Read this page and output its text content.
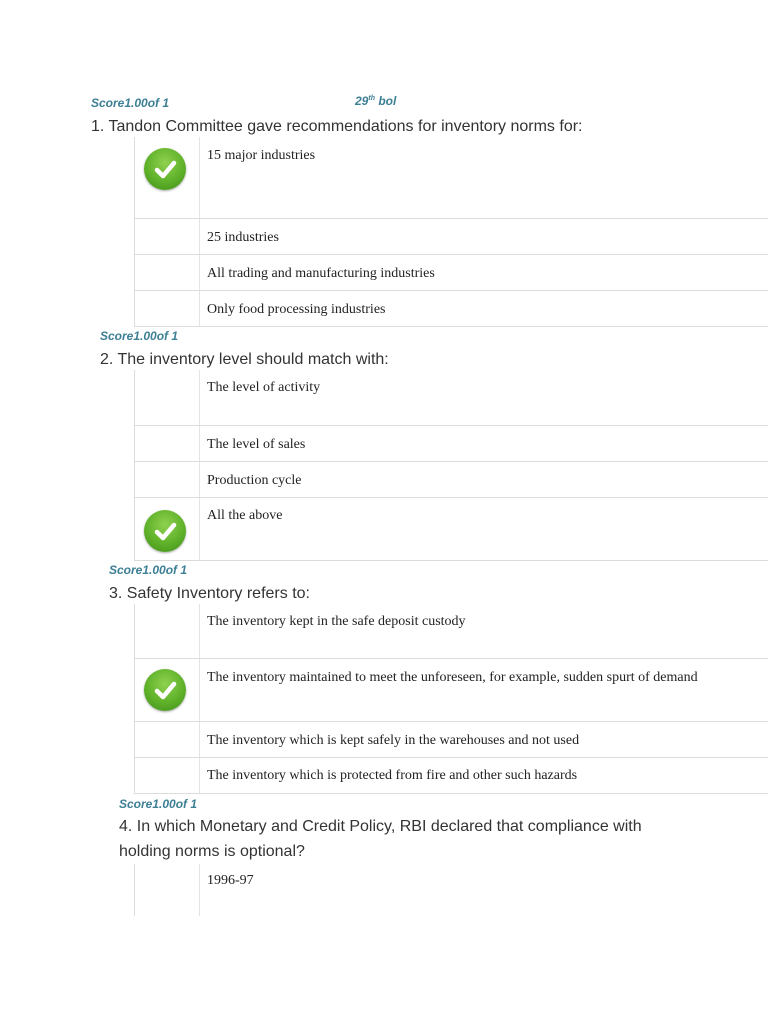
Score1.00of 1	29th bol
1. Tandon Committee gave recommendations for inventory norms for:
15 major industries
25 industries
All trading and manufacturing industries
Only food processing industries
Score1.00of 1
2. The inventory level should match with:
The level of activity
The level of sales
Production cycle
All the above
Score1.00of 1
3. Safety Inventory refers to:
The inventory kept in the safe deposit custody
The inventory maintained to meet the unforeseen, for example, sudden spurt of demand
The inventory which is kept safely in the warehouses and not used
The inventory which is protected from fire and other such hazards
Score1.00of 1
4. In which Monetary and Credit Policy, RBI declared that compliance with
holding norms is optional?
1996-97
